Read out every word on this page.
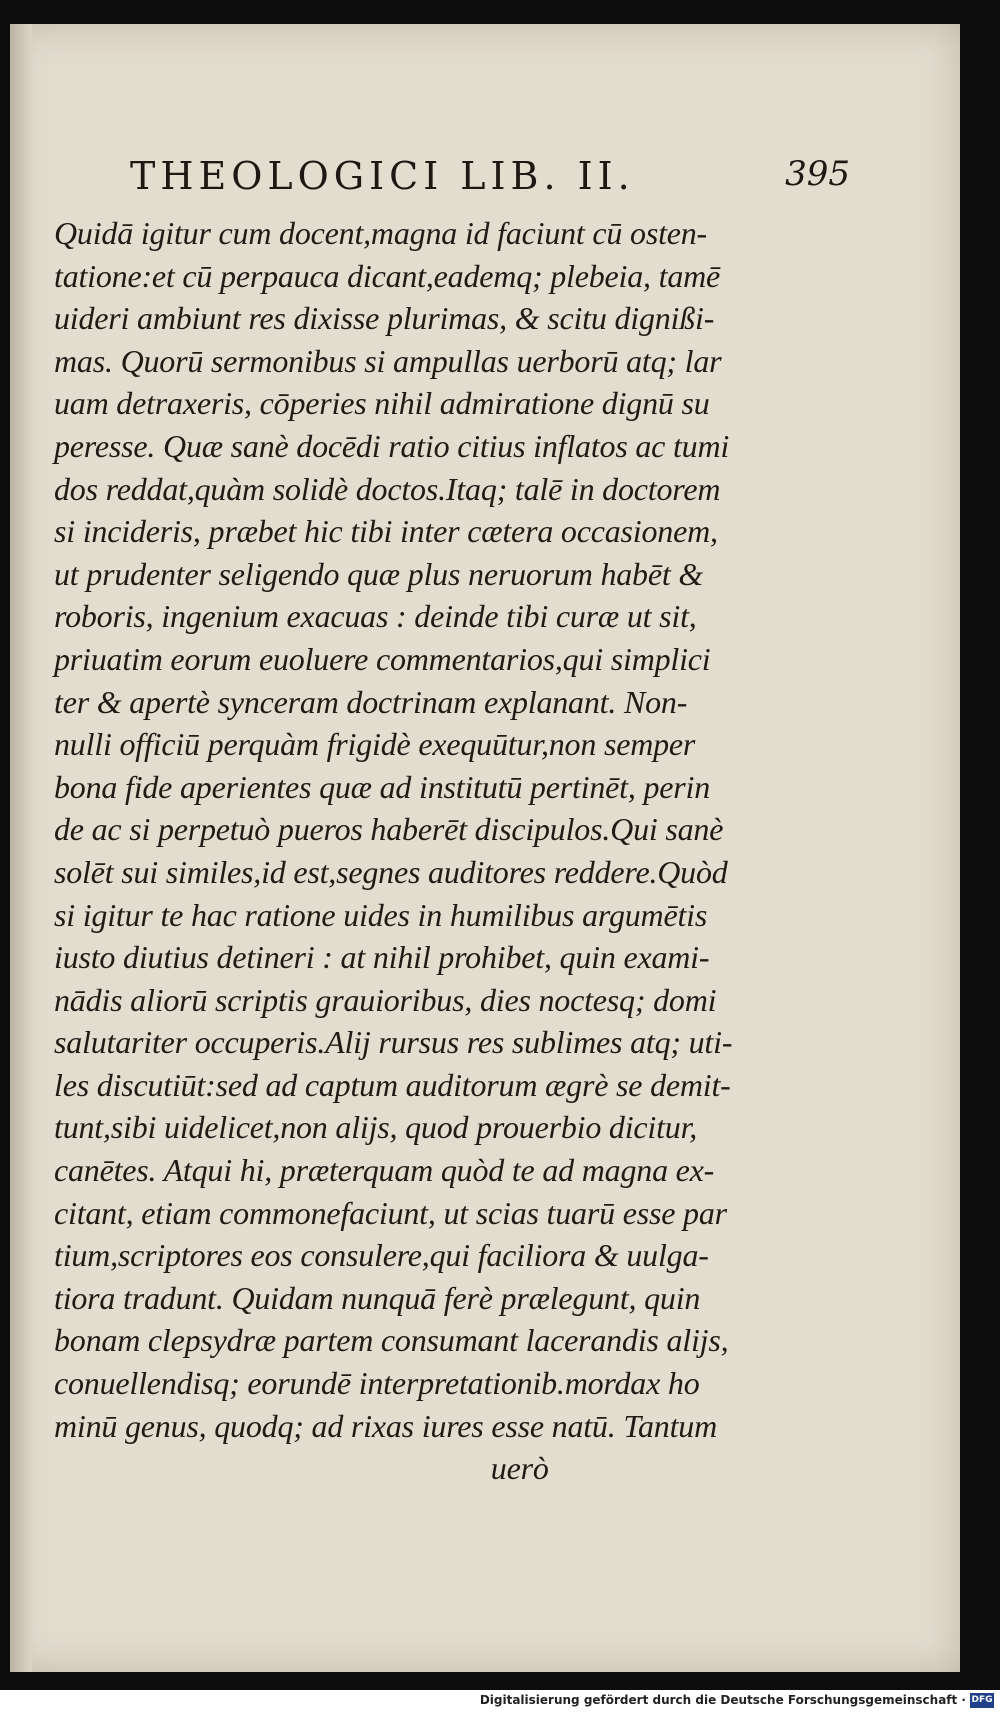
THEOLOGICI LIB. II.	395
Quidā igitur cum docent,magna id faciunt cū osten-
tatione:et cū perpauca dicant,eademq; plebeia, tamē
uideri ambiunt res dixisse plurimas, & scitu dignißi-
mas. Quorū sermonibus si ampullas uerborū atq; lar
uam detraxeris, cōperies nihil admiratione dignū su
peresse. Quæ sanè docēdi ratio citius inflatos ac tumi
dos reddat,quàm solidè doctos.Itaq; talē in doctorem
si incideris, præbet hic tibi inter cætera occasionem,
ut prudenter seligendo quæ plus neruorum habēt &
roboris, ingenium exacuas : deinde tibi curæ ut sit,
priuatim eorum euoluere commentarios,qui simplici
ter & apertè synceram doctrinam explanant. Non-
nulli officiū perquàm frigidè exequūtur,non semper
bona fide aperientes quæ ad institutū pertinēt, perin
de ac si perpetuò pueros haberēt discipulos.Qui sanè
solēt sui similes,id est,segnes auditores reddere.Quòd
si igitur te hac ratione uides in humilibus argumētis
iusto diutius detineri : at nihil prohibet, quin exami-
nādis aliorū scriptis grauioribus, dies noctesq; domi
salutariter occuperis.Alij rursus res sublimes atq; uti-
les discutiūt:sed ad captum auditorum ægrè se demit-
tunt,sibi uidelicet,non alijs, quod prouerbio dicitur,
canētes. Atqui hi, præterquam quòd te ad magna ex-
citant, etiam commonefaciunt, ut scias tuarū esse par
tium,scriptores eos consulere,qui faciliora & uulga-
tiora tradunt. Quidam nunquā ferè prælegunt, quin
bonam clepsydræ partem consumant lacerandis alijs,
conuellendisq; eorundē interpretationib.mordax ho
minū genus, quodq; ad rixas iures esse natū. Tantum
uerò
Digitalisierung gefördert durch die Deutsche Forschungsgemeinschaft · DFG
